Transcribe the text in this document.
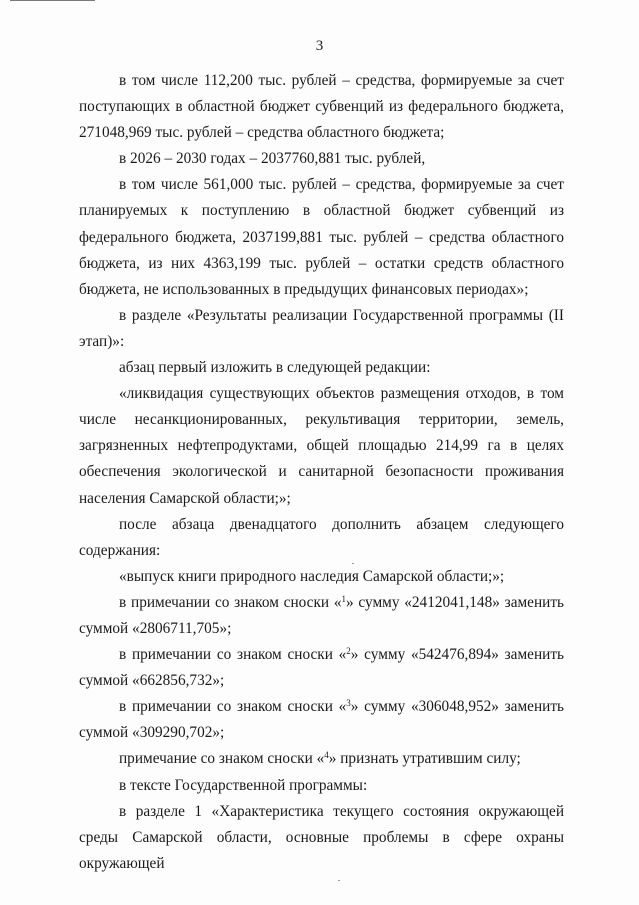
3

в том числе 112,200 тыс. рублей – средства, формируемые за счет поступающих в областной бюджет субвенций из федерального бюджета, 271048,969 тыс. рублей – средства областного бюджета;

в 2026 – 2030 годах – 2037760,881 тыс. рублей,

в том числе 561,000 тыс. рублей – средства, формируемые за счет планируемых к поступлению в областной бюджет субвенций из федерального бюджета, 2037199,881 тыс. рублей – средства областного бюджета, из них 4363,199 тыс. рублей – остатки средств областного бюджета, не использованных в предыдущих финансовых периодах»;

в разделе «Результаты реализации Государственной программы (II этап)»:

абзац первый изложить в следующей редакции:

«ликвидация существующих объектов размещения отходов, в том числе несанкционированных, рекультивация территории, земель, загрязненных нефтепродуктами, общей площадью 214,99 га в целях обеспечения экологической и санитарной безопасности проживания населения Самарской области;»;

после абзаца двенадцатого дополнить абзацем следующего содержания:

«выпуск книги природного наследия Самарской области;»;

в примечании со знаком сноски «$^1$» сумму «2412041,148» заменить суммой «2806711,705»;

в примечании со знаком сноски «$^2$» сумму «542476,894» заменить суммой «662856,732»;

в примечании со знаком сноски «$^3$» сумму «306048,952» заменить суммой «309290,702»;

примечание со знаком сноски «$^4$» признать утратившим силу;

в тексте Государственной программы:

в разделе 1 «Характеристика текущего состояния окружающей среды Самарской области, основные проблемы в сфере охраны окружающей
